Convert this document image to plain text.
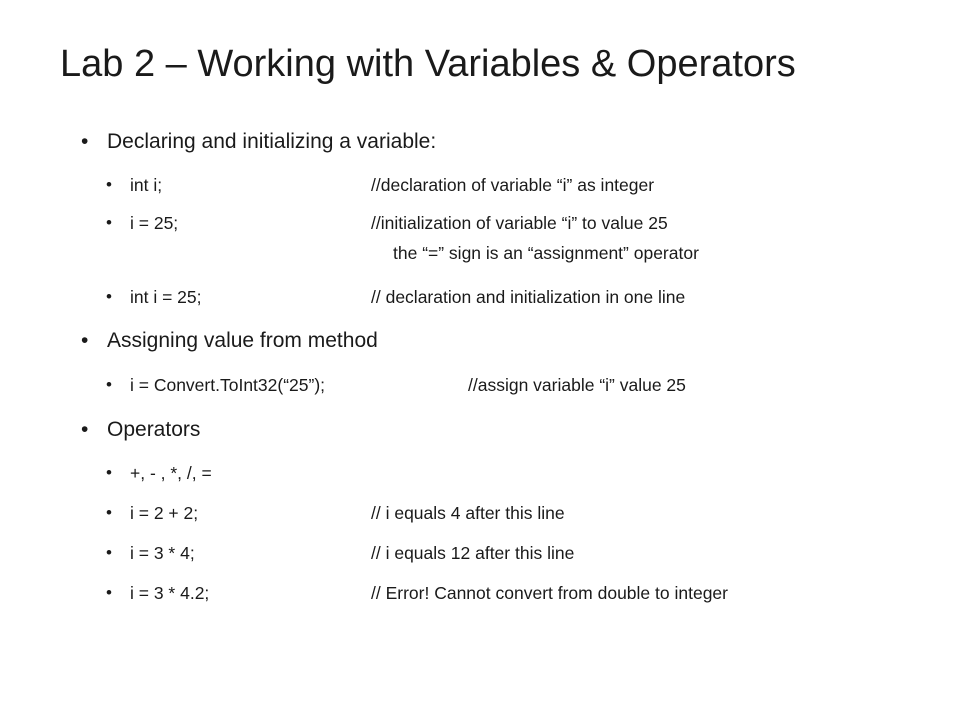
Lab 2 – Working with Variables & Operators
• Declaring and initializing a variable:
• int i;	//declaration of variable “i” as integer
• i = 25;	//initialization of variable “i” to value 25
the “=” sign is an “assignment” operator
• int i = 25;	// declaration and initialization in one line
• Assigning value from method
• i = Convert.ToInt32(“25”);	//assign variable “i” value 25
• Operators
• +, - , *, /, =
• i = 2 + 2;	// i equals 4 after this line
• i = 3 * 4;	// i equals 12 after this line
• i = 3 * 4.2;	// Error! Cannot convert from double to integer
